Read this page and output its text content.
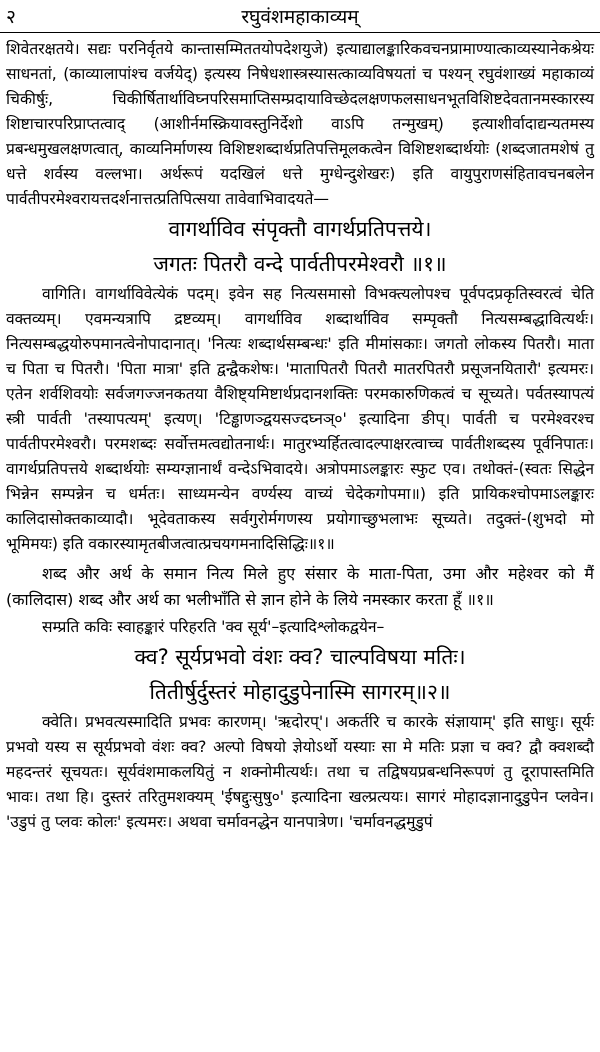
२	रघुवंशमहाकाव्यम्

शिवेतरक्षतये। सद्यः परनिर्वृतये कान्तासम्मिततयोपदेशयुजे) इत्याद्यालङ्कारिकवचनप्रामाण्यात्काव्यस्यानेकश्रेयः साधनतां, (काव्यालापांश्च वर्जयेद्) इत्यस्य निषेधशास्त्रस्यासत्काव्यविषयतां च पश्यन् रघुवंशाख्यं महाकाव्यं चिकीर्षुः, चिकीर्षितार्थाविघ्नपरिसमाप्तिसम्प्रदायाविच्छेदलक्षणफलसाधनभूतविशिष्टदेवतानमस्कारस्य शिष्टाचारपरिप्राप्तत्वाद् (आशीर्नमस्क्रियावस्तुनिर्देशो वाऽपि तन्मुखम्) इत्याशीर्वादाद्यन्यतमस्य प्रबन्धमुखलक्षणत्वात्, काव्यनिर्माणस्य विशिष्टशब्दार्थप्रतिपत्तिमूलकत्वेन विशिष्टशब्दार्थयोः (शब्दजातमशेषं तु धत्ते शर्वस्य वल्लभा। अर्थरूपं यदखिलं धत्ते मुग्धेन्दुशेखरः) इति वायुपुराणसंहितावचनबलेन पार्वतीपरमेश्वरायत्तदर्शनात्तत्प्रतिपित्सया तावेवाभिवादयते—

वागर्थाविव संपृक्तौ वागर्थप्रतिपत्तये।

जगतः पितरौ वन्दे पार्वतीपरमेश्वरौ ॥१॥

वागिति। वागर्थाविवेत्येकं पदम्। इवेन सह नित्यसमासो विभक्त्यलोपश्च पूर्वपदप्रकृतिस्वरत्वं चेति वक्तव्यम्। एवमन्यत्रापि द्रष्टव्यम्। वागर्थाविव शब्दार्थाविव सम्पृक्तौ नित्यसम्बद्धावित्यर्थः। नित्यसम्बद्धयोरुपमानत्वेनोपादानात्। 'नित्यः शब्दार्थसम्बन्धः' इति मीमांसकाः। जगतो लोकस्य पितरौ। माता च पिता च पितरौ। 'पिता मात्रा' इति द्वन्द्वैकशेषः। 'मातापितरौ पितरौ मातरपितरौ प्रसूजनयितारौ' इत्यमरः। एतेन शर्वशिवयोः सर्वजगज्जनकतया वैशिष्ट्यमिष्टार्थप्रदानशक्तिः परमकारुणिकत्वं च सूच्यते। पर्वतस्यापत्यं स्त्री पार्वती 'तस्यापत्यम्' इत्यण्। 'टिड्ढाणञ्द्वयसज्दघ्नञ्०' इत्यादिना ङीप्। पार्वती च परमेश्वरश्च पार्वतीपरमेश्वरौ। परमशब्दः सर्वोत्तमत्वद्योतनार्थः। मातुरभ्यर्हितत्वादल्पाक्षरत्वाच्च पार्वतीशब्दस्य पूर्वनिपातः। वागर्थप्रतिपत्तये शब्दार्थयोः सम्यग्ज्ञानार्थं वन्देऽभिवादये। अत्रोपमाऽलङ्कारः स्फुट एव। तथोक्तं-(स्वतः सिद्धेन भिन्नेन सम्पन्नेन च धर्मतः। साध्यमन्येन वर्ण्यस्य वाच्यं चेदेकगोपमा॥) इति प्रायिकश्चोपमाऽलङ्कारः कालिदासोक्तकाव्यादौ। भूदेवताकस्य सर्वगुरोर्मगणस्य प्रयोगाच्छुभलाभः सूच्यते। तदुक्तं-(शुभदो मो भूमिमयः) इति वकारस्यामृतबीजत्वात्प्रचयगमनादिसिद्धिः॥१॥

शब्द और अर्थ के समान नित्य मिले हुए संसार के माता-पिता, उमा और महेश्वर को मैं (कालिदास) शब्द और अर्थ का भलीभाँति से ज्ञान होने के लिये नमस्कार करता हूँ ॥१॥

सम्प्रति कविः स्वाहङ्कारं परिहरति 'क्व सूर्य'–इत्यादिश्लोकद्वयेन–

क्व? सूर्यप्रभवो वंशः क्व? चाल्पविषया मतिः।

तितीर्षुर्दुस्तरं मोहादुडुपेनास्मि सागरम्॥२॥

क्वेति। प्रभवत्यस्मादिति प्रभवः कारणम्। 'ऋदोरप्'। अकर्तरि च कारके संज्ञायाम्' इति साधुः। सूर्यः प्रभवो यस्य स सूर्यप्रभवो वंशः क्व? अल्पो विषयो ज्ञेयोऽर्थो यस्याः सा मे मतिः प्रज्ञा च क्व? द्वौ क्वशब्दौ महदन्तरं सूचयतः। सूर्यवंशमाकलयितुं न शक्नोमीत्यर्थः। तथा च तद्विषयप्रबन्धनिरूपणं तु दूरापास्तमिति भावः। तथा हि। दुस्तरं तरितुमशक्यम् 'ईषद्दुःसुषु०' इत्यादिना खल्प्रत्ययः। सागरं मोहादज्ञानादुडुपेन प्लवेन। 'उडुपं तु प्लवः कोलः' इत्यमरः। अथवा चर्मावनद्धेन यानपात्रेण। 'चर्मावनद्धमुडुपं
